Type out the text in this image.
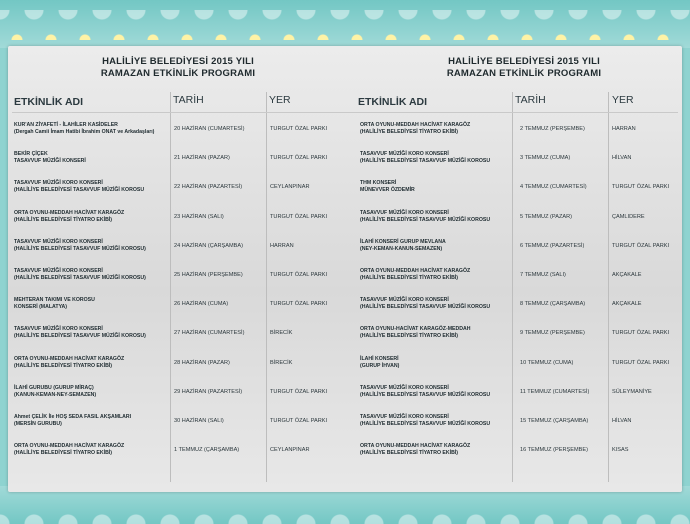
HALİLİYE BELEDİYESİ 2015 YILI
RAMAZAN ETKİNLİK PROGRAMI
HALİLİYE BELEDİYESİ 2015 YILI
RAMAZAN ETKİNLİK PROGRAMI
ETKİNLİK ADI	TARİH	YER	ETKİNLİK ADI	TARİH	YER
KUR'AN ZİYAFETİ - İLAHİLER KASİDELER
(Dergah Camii İmam Hatibi İbrahim ONAT ve Arkadaşları)	20 HAZİRAN (CUMARTESİ)	TURGUT ÖZAL PARKI
BEKİR ÇİÇEK
TASAVVUF MÜZİĞİ KONSERİ	21 HAZİRAN (PAZAR)	TURGUT ÖZAL PARKI
TASAVVUF MÜZİĞİ KORO KONSERİ
(HALİLİYE BELEDİYESİ TASAVVUF MÜZİĞİ KOROSU	22 HAZİRAN (PAZARTESİ)	CEYLANPINAR
ORTA OYUNU-MEDDAH HACİVAT KARAGÖZ
(HALİLİYE BELEDİYESİ TİYATRO EKİBİ)	23 HAZİRAN (SALI)	TURGUT ÖZAL PARKI
TASAVVUF MÜZİĞİ KORO KONSERİ
(HALİLİYE BELEDİYESİ TASAVVUF MÜZİĞİ KOROSU)	24 HAZİRAN (ÇARŞAMBA)	HARRAN
TASAVVUF MÜZİĞİ KORO KONSERİ
(HALİLİYE BELEDİYESİ TASAVVUF MÜZİĞİ KOROSU)	25 HAZİRAN (PERŞEMBE)	TURGUT ÖZAL PARKI
MEHTERAN TAKIMI VE KOROSU
KONSERİ (MALATYA)	26 HAZİRAN (CUMA)	TURGUT ÖZAL PARKI
TASAVVUF MÜZİĞİ KORO KONSERİ
(HALİLİYE BELEDİYESİ TASAVVUF MÜZİĞİ KOROSU)	27 HAZİRAN (CUMARTESİ)	BİRECİK
ORTA OYUNU-MEDDAH HACİVAT KARAGÖZ
(HALİLİYE BELEDİYESİ TİYATRO EKİBİ)	28 HAZİRAN (PAZAR)	BİRECİK
İLAHİ GURUBU (GURUP MİRAÇ)
(KANUN-KEMAN-NEY-SEMAZEN)	29 HAZİRAN (PAZARTESİ)	TURGUT ÖZAL PARKI
Ahmet ÇELİK İle HOŞ SEDA FASIL AKŞAMLARI
(MERSİN GURUBU)	30 HAZİRAN (SALI)	TURGUT ÖZAL PARKI
ORTA OYUNU-MEDDAH HACİVAT KARAGÖZ
(HALİLİYE BELEDİYESİ TİYATRO EKİBİ)	1 TEMMUZ (ÇARŞAMBA)	CEYLANPINAR
ORTA OYUNU-MEDDAH HACİVAT KARAGÖZ
(HALİLİYE BELEDİYESİ TİYATRO EKİBİ)	2 TEMMUZ (PERŞEMBE)	HARRAN
TASAVVUF MÜZİĞİ KORO KONSERİ
(HALİLİYE BELEDİYESİ TASAVVUF MÜZİĞİ KOROSU	3 TEMMUZ (CUMA)	HİLVAN
THM KONSERİ
MÜNEVVER ÖZDEMİR	4 TEMMUZ (CUMARTESİ)	TURGUT ÖZAL PARKI
TASAVVUF MÜZİĞİ KORO KONSERİ
(HALİLİYE BELEDİYESİ TASAVVUF MÜZİĞİ KOROSU	5 TEMMUZ (PAZAR)	ÇAMLIDERE
İLAHİ KONSERİ GURUP MEVLANA
(NEY-KEMAN-KANUN-SEMAZEN)	6 TEMMUZ (PAZARTESİ)	TURGUT ÖZAL PARKI
ORTA OYUNU-MEDDAH HACİVAT KARAGÖZ
(HALİLİYE BELEDİYESİ TİYATRO EKİBİ)	7 TEMMUZ (SALI)	AKÇAKALE
TASAVVUF MÜZİĞİ KORO KONSERİ
(HALİLİYE BELEDİYESİ TASAVVUF MÜZİĞİ KOROSU	8 TEMMUZ (ÇARŞAMBA)	AKÇAKALE
ORTA OYUNU-HACİVAT KARAGÖZ-MEDDAH
(HALİLİYE BELEDİYESİ TİYATRO EKİBİ)	9 TEMMUZ (PERŞEMBE)	TURGUT ÖZAL PARKI
İLAHİ KONSERİ
(GURUP İHVAN)	10 TEMMUZ (CUMA)	TURGUT ÖZAL PARKI
TASAVVUF MÜZİĞİ KORO KONSERİ
(HALİLİYE BELEDİYESİ TASAVVUF MÜZİĞİ KOROSU	11 TEMMUZ (CUMARTESİ)	SÜLEYMANİYE
TASAVVUF MÜZİĞİ KORO KONSERİ
(HALİLİYE BELEDİYESİ TASAVVUF MÜZİĞİ KOROSU	15 TEMMUZ (ÇARŞAMBA)	HİLVAN
ORTA OYUNU-MEDDAH HACİVAT KARAGÖZ
(HALİLİYE BELEDİYESİ TİYATRO EKİBİ)	16 TEMMUZ (PERŞEMBE)	KISAS
